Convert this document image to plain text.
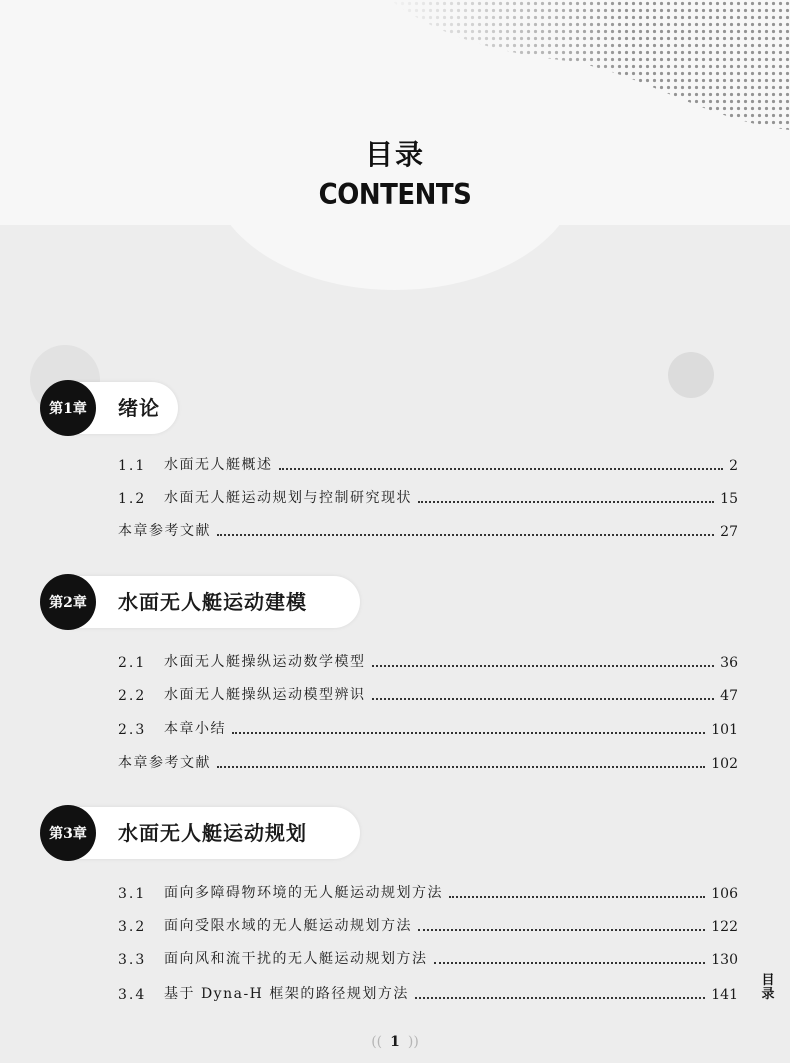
目录
CONTENTS
第1章	绪论
1.1	水面无人艇概述	2
1.2	水面无人艇运动规划与控制研究现状	15
本章参考文献	27
第2章	水面无人艇运动建模
2.1	水面无人艇操纵运动数学模型	36
2.2	水面无人艇操纵运动模型辨识	47
2.3	本章小结	101
本章参考文献	102
第3章	水面无人艇运动规划
3.1	面向多障碍物环境的无人艇运动规划方法	106
3.2	面向受限水域的无人艇运动规划方法	122
3.3	面向风和流干扰的无人艇运动规划方法	130
3.4	基于 Dyna-H 框架的路径规划方法	141
目
录
(( 1 ))
